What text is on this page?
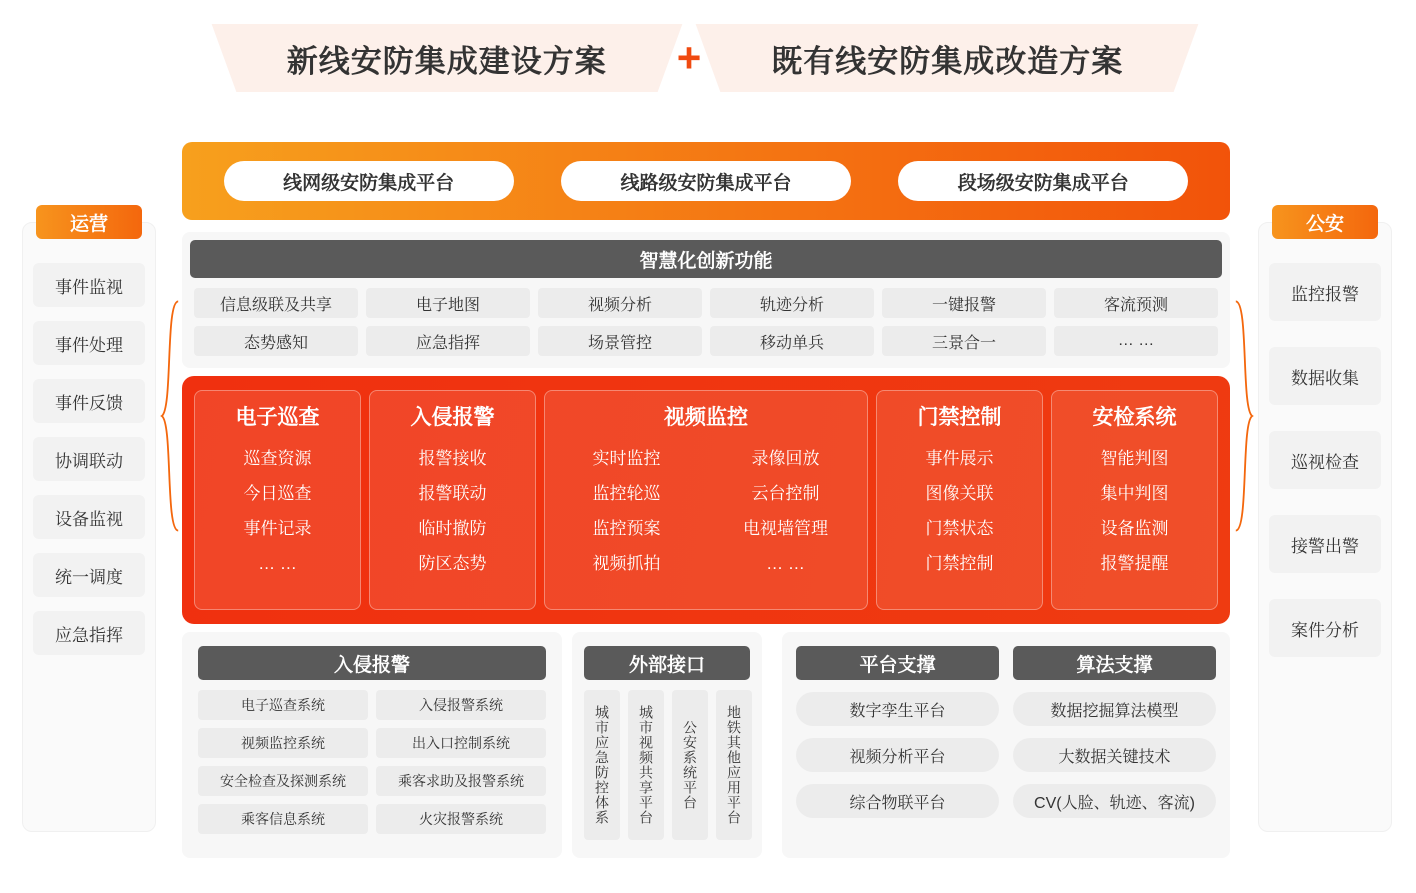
新线安防集成建设方案	+	既有线安防集成改造方案
运营
事件监视
事件处理
事件反馈
协调联动
设备监视
统一调度
应急指挥
公安
监控报警
数据收集
巡视检查
接警出警
案件分析
线网级安防集成平台	线路级安防集成平台	段场级安防集成平台
智慧化创新功能
信息级联及共享	电子地图	视频分析	轨迹分析	一键报警	客流预测
态势感知	应急指挥	场景管控	移动单兵	三景合一	… …
电子巡查
巡查资源
今日巡查
事件记录
… …
入侵报警
报警接收
报警联动
临时撤防
防区态势
视频监控
实时监控	录像回放
监控轮巡	云台控制
监控预案	电视墙管理
视频抓拍	… …
门禁控制
事件展示
图像关联
门禁状态
门禁控制
安检系统
智能判图
集中判图
设备监测
报警提醒
入侵报警
电子巡查系统	入侵报警系统
视频监控系统	出入口控制系统
安全检查及探测系统	乘客求助及报警系统
乘客信息系统	火灾报警系统
外部接口
城市应急防控体系	城市视频共享平台	公安系统平台	地铁其他应用平台
平台支撑
数字孪生平台
视频分析平台
综合物联平台
算法支撑
数据挖掘算法模型
大数据关键技术
CV(人脸、轨迹、客流)
